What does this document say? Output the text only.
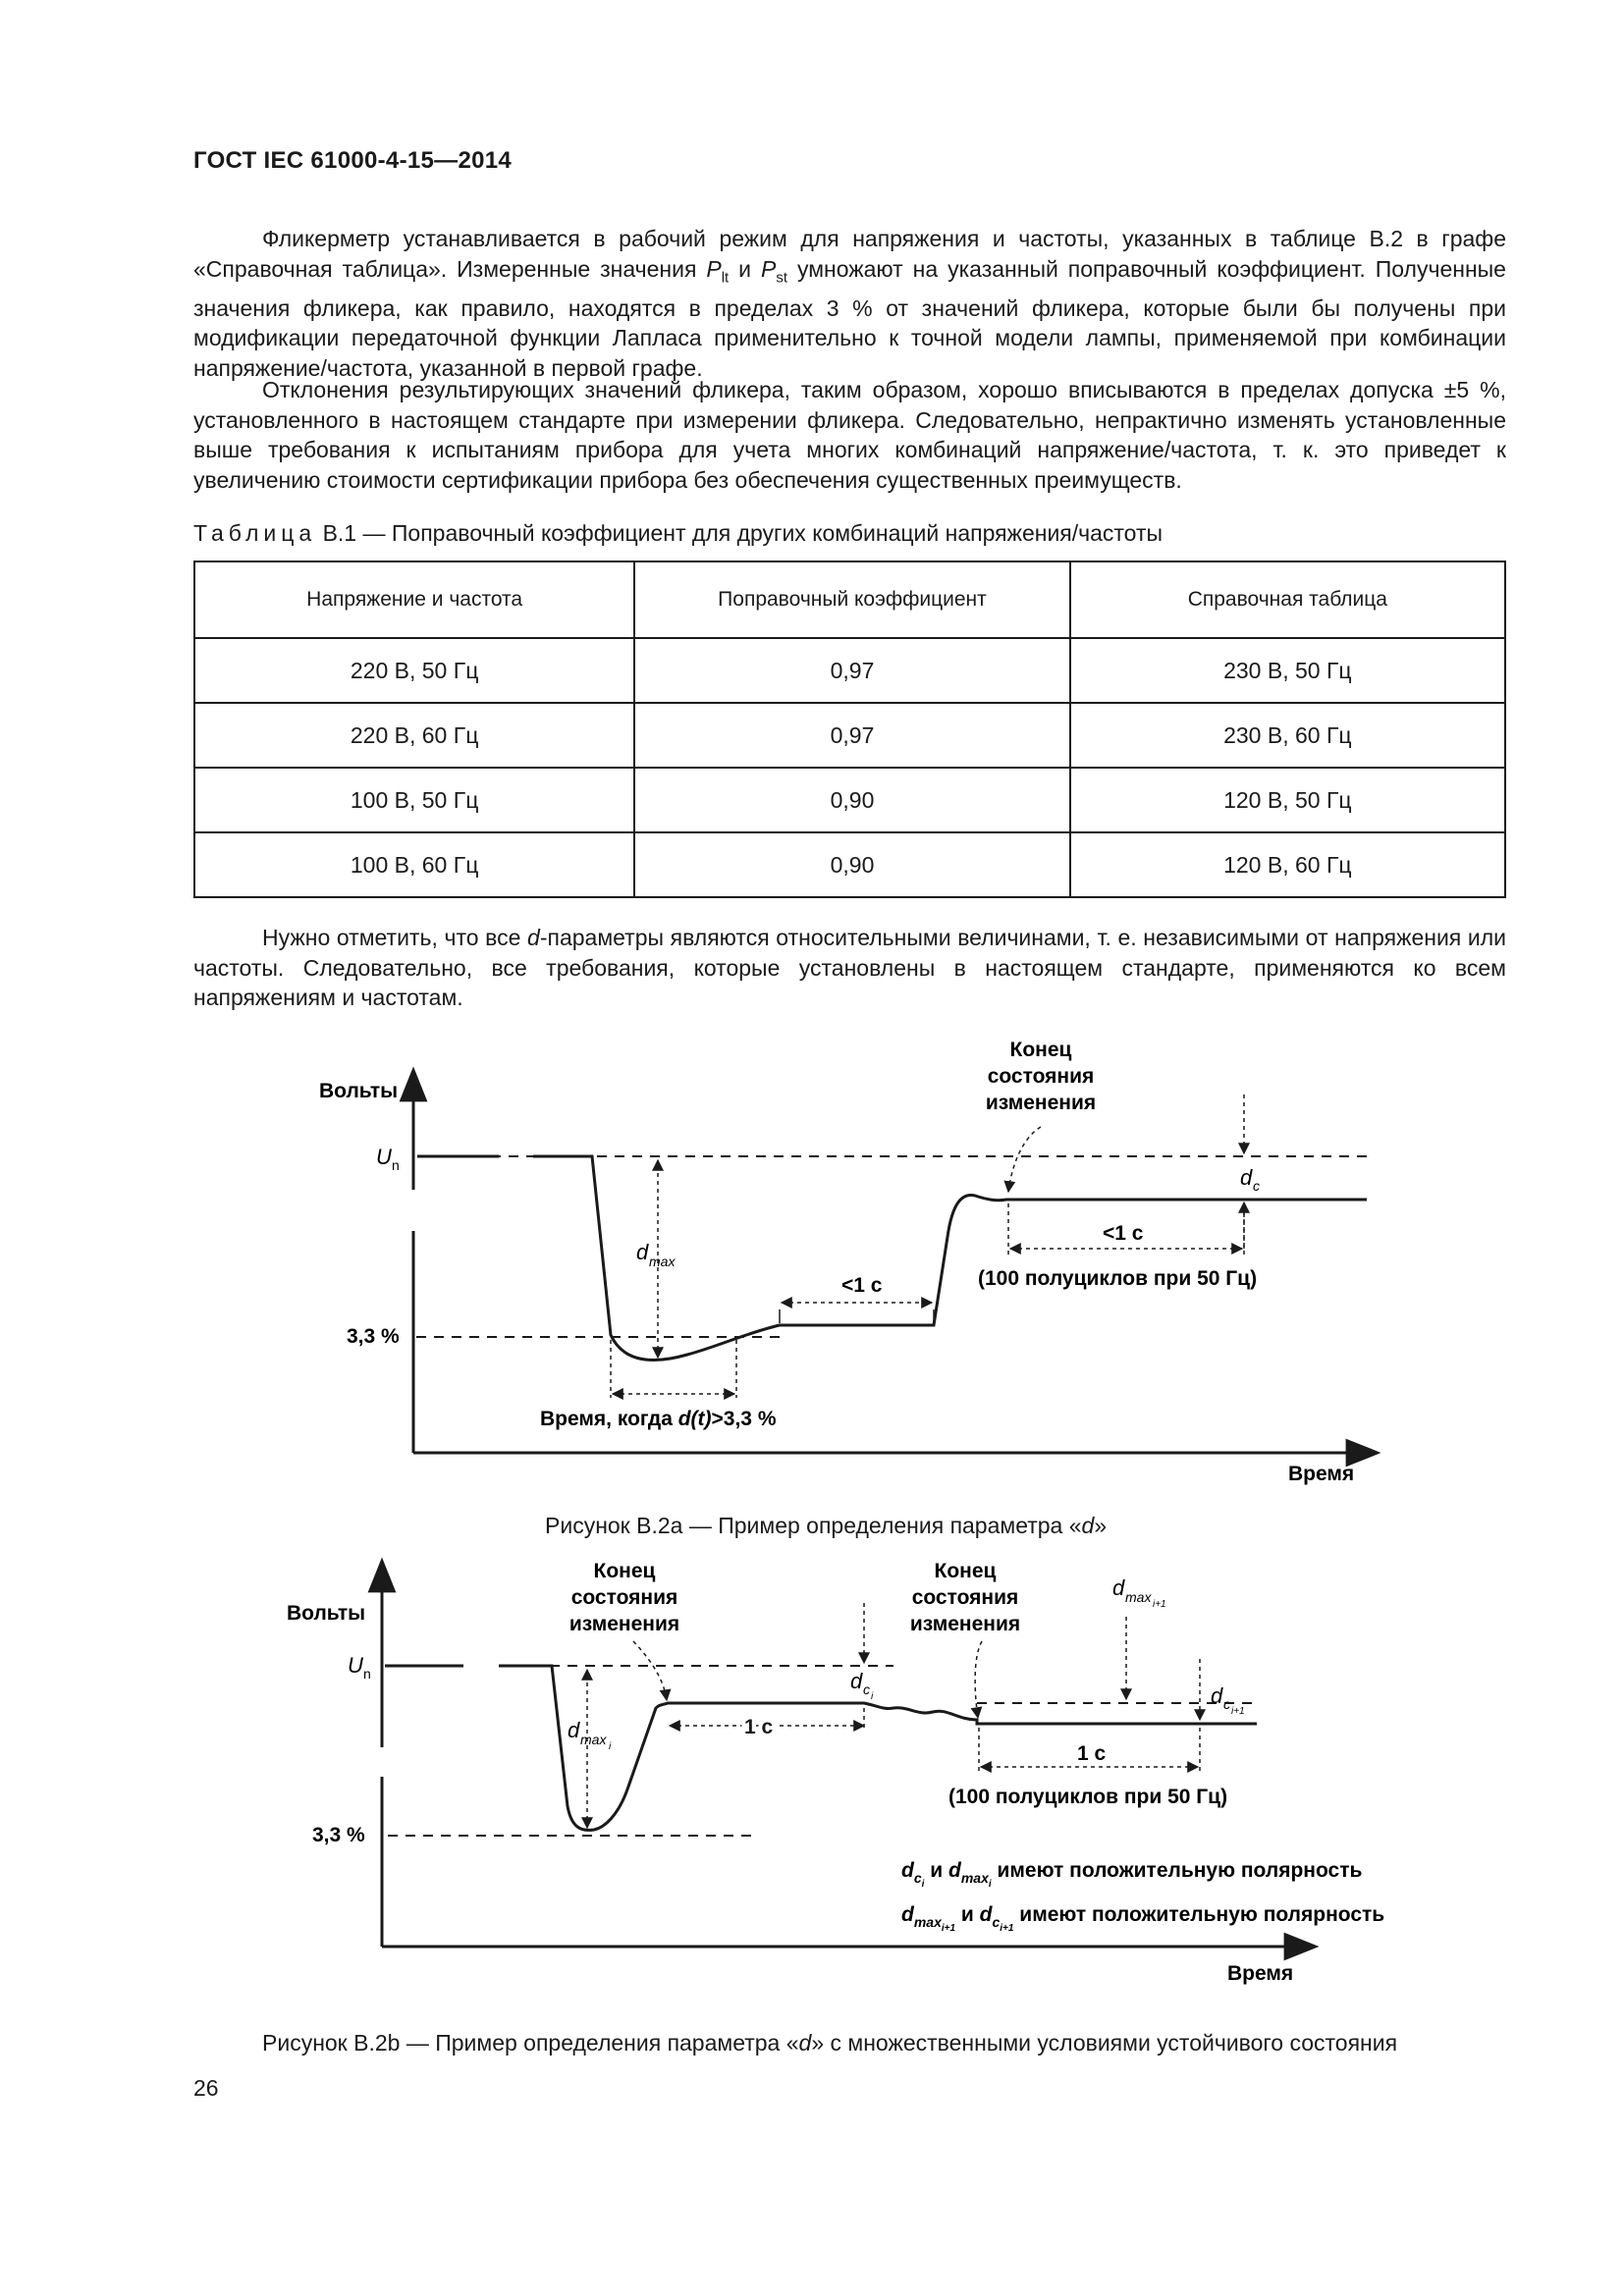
ГОСТ IEC 61000-4-15—2014
Фликерметр устанавливается в рабочий режим для напряжения и частоты, указанных в таблице В.2 в графе «Справочная таблица». Измеренные значения $P_{lt}$ и $P_{st}$ умножают на указанный поправочный коэффициент. Полученные значения фликера, как правило, находятся в пределах 3 % от значений фликера, которые были бы получены при модификации передаточной функции Лапласа применительно к точной модели лампы, применяемой при комбинации напряжение/частота, указанной в первой графе.
Отклонения результирующих значений фликера, таким образом, хорошо вписываются в пределах допуска ±5 %, установленного в настоящем стандарте при измерении фликера. Следовательно, непрактично изменять установленные выше требования к испытаниям прибора для учета многих комбинаций напряжение/частота, т. к. это приведет к увеличению стоимости сертификации прибора без обеспечения существенных преимуществ.
Таблица В.1 — Поправочный коэффициент для других комбинаций напряжения/частоты
Напряжение и частота	Поправочный коэффициент	Справочная таблица
220 В, 50 Гц	0,97	230 В, 50 Гц
220 В, 60 Гц	0,97	230 В, 60 Гц
100 В, 50 Гц	0,90	120 В, 50 Гц
100 В, 60 Гц	0,90	120 В, 60 Гц
Нужно отметить, что все d-параметры являются относительными величинами, т. е. независимыми от напряжения или частоты. Следовательно, все требования, которые установлены в настоящем стандарте, применяются ко всем напряжениям и частотам.
Вольты
Время
U n
3,3 %
d max
Время, когда d(t)>3,3 %
<1 с
Конец
состояния
изменения
<1 с
(100 полуциклов при 50 Гц)
d c
Вольты
Время
U n
3,3 %
d max i
Конец
состояния
изменения
1 с
d c i
Конец
состояния
изменения
d max i+1
d c i+1
1 с
(100 полуциклов при 50 Гц)
$d_ci$ и $d_{max}i$ имеют положительную полярность
$d_{max}i+1$ и $d_ci+1$ имеют положительную полярность
Рисунок В.2а — Пример определения параметра «d»
Рисунок В.2b — Пример определения параметра «d» с множественными условиями устойчивого состояния
26
